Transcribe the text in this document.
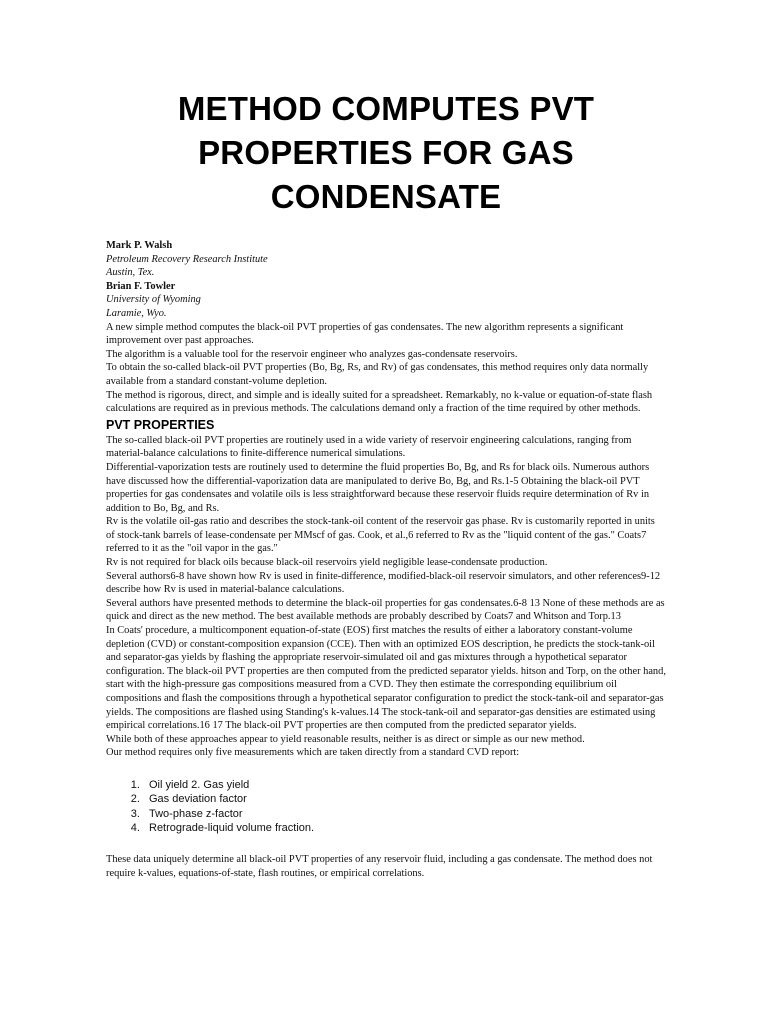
METHOD COMPUTES PVT
PROPERTIES FOR GAS
CONDENSATE
Mark P. Walsh
Petroleum Recovery Research Institute
Austin, Tex.
Brian F. Towler
University of Wyoming
Laramie, Wyo.

A new simple method computes the black-oil PVT properties of gas condensates. The new algorithm represents a significant improvement over past approaches.

The algorithm is a valuable tool for the reservoir engineer who analyzes gas-condensate reservoirs.

To obtain the so-called black-oil PVT properties (Bo, Bg, Rs, and Rv) of gas condensates, this method requires only data normally available from a standard constant-volume depletion.

The method is rigorous, direct, and simple and is ideally suited for a spreadsheet. Remarkably, no k-value or equation-of-state flash calculations are required as in previous methods. The calculations demand only a fraction of the time required by other methods.

PVT PROPERTIES

The so-called black-oil PVT properties are routinely used in a wide variety of reservoir engineering calculations, ranging from material-balance calculations to finite-difference numerical simulations.

Differential-vaporization tests are routinely used to determine the fluid properties Bo, Bg, and Rs for black oils. Numerous authors have discussed how the differential-vaporization data are manipulated to derive Bo, Bg, and Rs.1-5 Obtaining the black-oil PVT properties for gas condensates and volatile oils is less straightforward because these reservoir fluids require determination of Rv in addition to Bo, Bg, and Rs.

Rv is the volatile oil-gas ratio and describes the stock-tank-oil content of the reservoir gas phase. Rv is customarily reported in units of stock-tank barrels of lease-condensate per MMscf of gas. Cook, et al.,6 referred to Rv as the "liquid content of the gas." Coats7 referred to it as the "oil vapor in the gas."

Rv is not required for black oils because black-oil reservoirs yield negligible lease-condensate production.

Several authors6-8 have shown how Rv is used in finite-difference, modified-black-oil reservoir simulators, and other references9-12 describe how Rv is used in material-balance calculations.

Several authors have presented methods to determine the black-oil properties for gas condensates.6-8 13 None of these methods are as quick and direct as the new method. The best available methods are probably described by Coats7 and Whitson and Torp.13

In Coats' procedure, a multicomponent equation-of-state (EOS) first matches the results of either a laboratory constant-volume depletion (CVD) or constant-composition expansion (CCE). Then with an optimized EOS description, he predicts the stock-tank-oil and separator-gas yields by flashing the appropriate reservoir-simulated oil and gas mixtures through a hypothetical separator configuration. The black-oil PVT properties are then computed from the predicted separator yields. hitson and Torp, on the other hand, start with the high-pressure gas compositions measured from a CVD. They then estimate the corresponding equilibrium oil compositions and flash the compositions through a hypothetical separator configuration to predict the stock-tank-oil and separator-gas yields. The compositions are flashed using Standing's k-values.14 The stock-tank-oil and separator-gas densities are estimated using empirical correlations.16 17 The black-oil PVT properties are then computed from the predicted separator yields.

While both of these approaches appear to yield reasonable results, neither is as direct or simple as our new method.

Our method requires only five measurements which are taken directly from a standard CVD report:

1. Oil yield 2. Gas yield
2. Gas deviation factor
3. Two-phase z-factor
4. Retrograde-liquid volume fraction.

These data uniquely determine all black-oil PVT properties of any reservoir fluid, including a gas condensate. The method does not require k-values, equations-of-state, flash routines, or empirical correlations.
